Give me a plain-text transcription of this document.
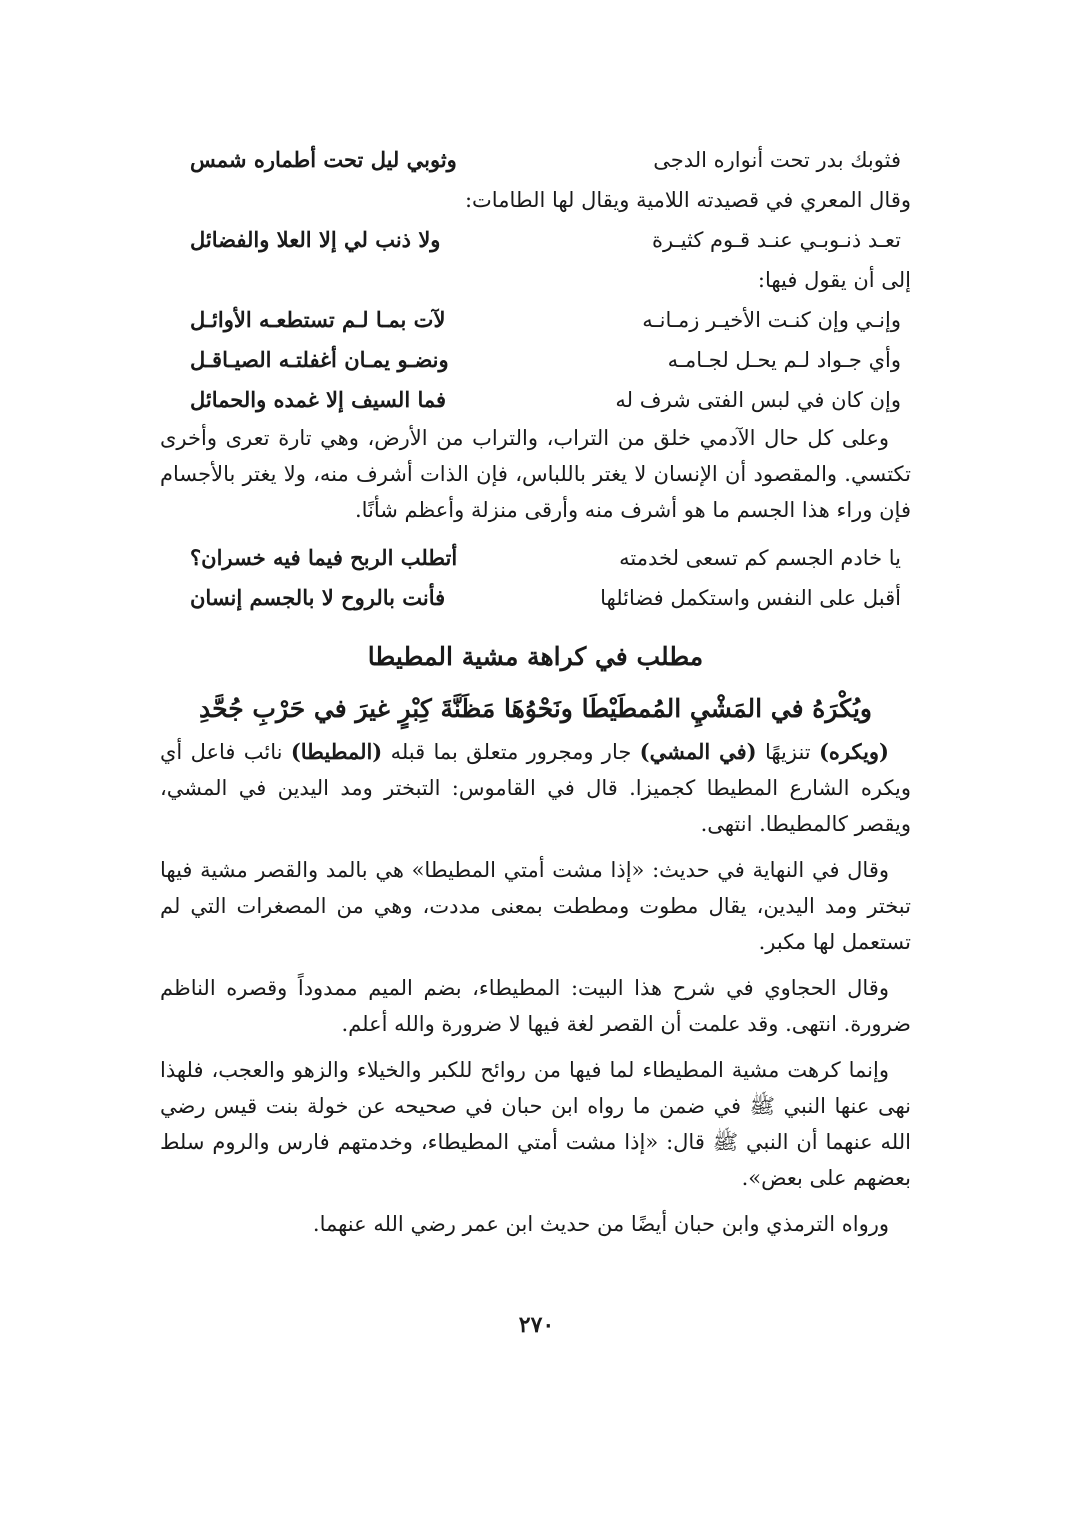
فثوبك بدر تحت أنواره الدجى
وثوبي ليل تحت أطماره شمس
وقال المعري في قصيدته اللامية ويقال لها الطامات:
تعـد ذنـوبـي عنـد قـوم كثيـرة
ولا ذنب لي إلا العلا والفضائل
إلى أن يقول فيها:
وإنـي وإن كنـت الأخيـر زمـانـه
لآت بمـا لـم تستطعـه الأوائـل
وأي جـواد لـم يحـل لجـامـه
ونضـو يمـان أغفلتـه الصيـاقـل
وإن كان في لبس الفتى شرف له
فما السيف إلا غمده والحمائل

وعلى كل حال الآدمي خلق من التراب، والتراب من الأرض، وهي تارة تعرى وأخرى تكتسي. والمقصود أن الإنسان لا يغتر باللباس، فإن الذات أشرف منه، ولا يغتر بالأجسام فإن وراء هذا الجسم ما هو أشرف منه وأرقى منزلة وأعظم شأنًا.

يا خادم الجسم كم تسعى لخدمته
أتطلب الربح فيما فيه خسران؟
أقبل على النفس واستكمل فضائلها
فأنت بالروح لا بالجسم إنسان
مطلب في كراهة مشية المطيطا
ويُكْرَهُ في المَشْيِ المُمطَيْطَا ونَحْوُهَا مَظَنَّةَ كِبْرٍ غيرَ في حَرْبِ جُحَّدِ

(ويكره) تنزيهًا (في المشي) جار ومجرور متعلق بما قبله (المطيطا) نائب فاعل أي ويكره الشارع المطيطا كجميزا. قال في القاموس: التبختر ومد اليدين في المشي، ويقصر كالمطيطا. انتهى.

وقال في النهاية في حديث: «إذا مشت أمتي المطيطا» هي بالمد والقصر مشية فيها تبختر ومد اليدين، يقال مطوت ومططت بمعنى مددت، وهي من المصغرات التي لم تستعمل لها مكبر.

وقال الحجاوي في شرح هذا البيت: المطيطاء، بضم الميم ممدوداً وقصره الناظم ضرورة. انتهى. وقد علمت أن القصر لغة فيها لا ضرورة والله أعلم.

وإنما كرهت مشية المطيطاء لما فيها من روائح للكبر والخيلاء والزهو والعجب، فلهذا نهى عنها النبي ﷺ في ضمن ما رواه ابن حبان في صحيحه عن خولة بنت قيس رضي الله عنهما أن النبي ﷺ قال: «إذا مشت أمتي المطيطاء، وخدمتهم فارس والروم سلط بعضهم على بعض».

ورواه الترمذي وابن حبان أيضًا من حديث ابن عمر رضي الله عنهما.

٢٧٠
